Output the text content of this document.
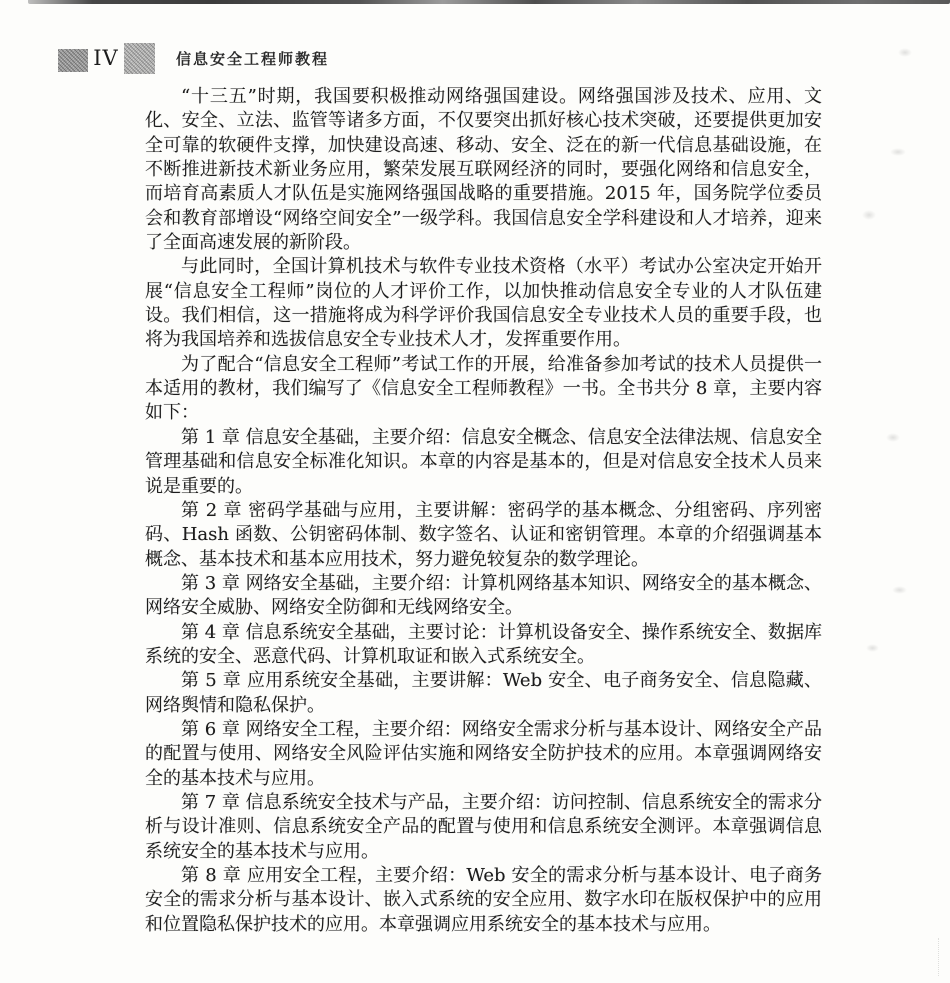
IV	信息安全工程师教程

“十三五”时期，我国要积极推动网络强国建设。网络强国涉及技术、应用、文化、安全、立法、监管等诸多方面，不仅要突出抓好核心技术突破，还要提供更加安全可靠的软硬件支撑，加快建设高速、移动、安全、泛在的新一代信息基础设施，在不断推进新技术新业务应用，繁荣发展互联网经济的同时，要强化网络和信息安全，而培育高素质人才队伍是实施网络强国战略的重要措施。2015 年，国务院学位委员会和教育部增设“网络空间安全”一级学科。我国信息安全学科建设和人才培养，迎来了全面高速发展的新阶段。

与此同时，全国计算机技术与软件专业技术资格（水平）考试办公室决定开始开展“信息安全工程师”岗位的人才评价工作，以加快推动信息安全专业的人才队伍建设。我们相信，这一措施将成为科学评价我国信息安全专业技术人员的重要手段，也将为我国培养和选拔信息安全专业技术人才，发挥重要作用。

为了配合“信息安全工程师”考试工作的开展，给准备参加考试的技术人员提供一本适用的教材，我们编写了《信息安全工程师教程》一书。全书共分 8 章，主要内容如下：

第 1 章 信息安全基础，主要介绍：信息安全概念、信息安全法律法规、信息安全管理基础和信息安全标准化知识。本章的内容是基本的，但是对信息安全技术人员来说是重要的。

第 2 章 密码学基础与应用，主要讲解：密码学的基本概念、分组密码、序列密码、Hash 函数、公钥密码体制、数字签名、认证和密钥管理。本章的介绍强调基本概念、基本技术和基本应用技术，努力避免较复杂的数学理论。

第 3 章 网络安全基础，主要介绍：计算机网络基本知识、网络安全的基本概念、网络安全威胁、网络安全防御和无线网络安全。

第 4 章 信息系统安全基础，主要讨论：计算机设备安全、操作系统安全、数据库系统的安全、恶意代码、计算机取证和嵌入式系统安全。

第 5 章 应用系统安全基础，主要讲解：Web 安全、电子商务安全、信息隐藏、网络舆情和隐私保护。

第 6 章 网络安全工程，主要介绍：网络安全需求分析与基本设计、网络安全产品的配置与使用、网络安全风险评估实施和网络安全防护技术的应用。本章强调网络安全的基本技术与应用。

第 7 章 信息系统安全技术与产品，主要介绍：访问控制、信息系统安全的需求分析与设计准则、信息系统安全产品的配置与使用和信息系统安全测评。本章强调信息系统安全的基本技术与应用。

第 8 章 应用安全工程，主要介绍：Web 安全的需求分析与基本设计、电子商务安全的需求分析与基本设计、嵌入式系统的安全应用、数字水印在版权保护中的应用和位置隐私保护技术的应用。本章强调应用系统安全的基本技术与应用。
